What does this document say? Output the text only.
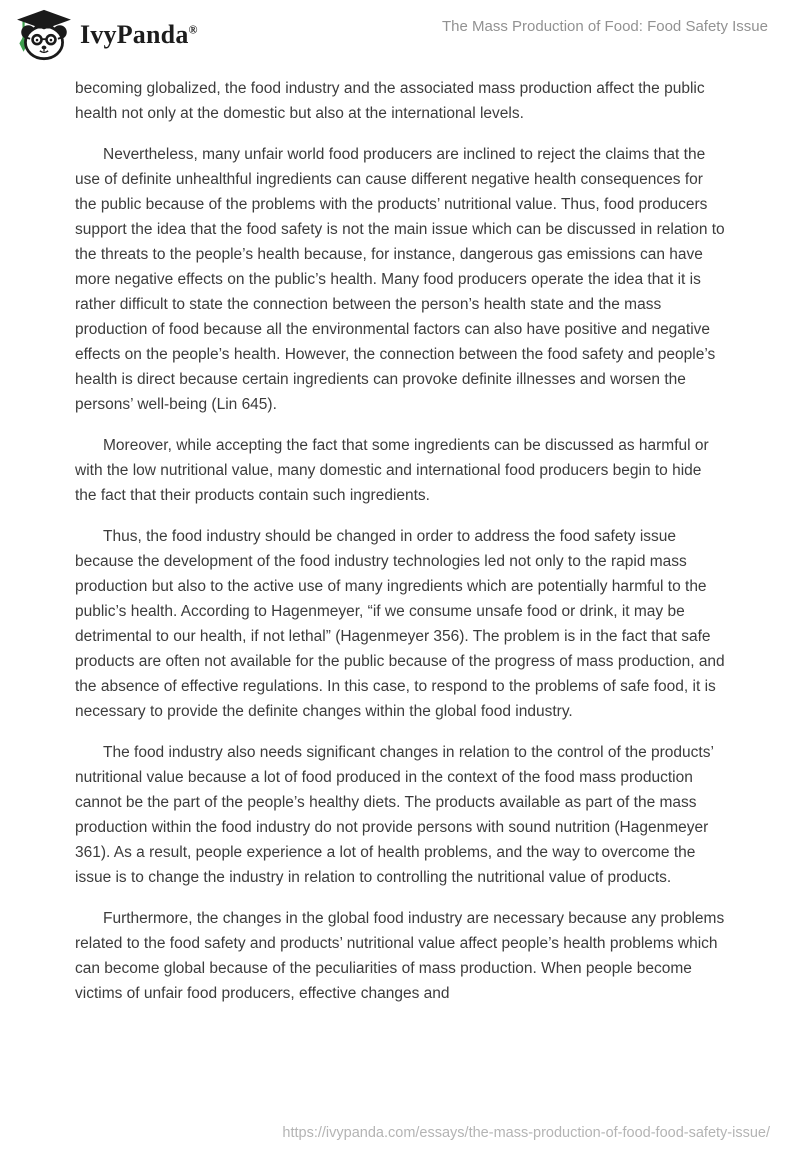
IvyPanda®	The Mass Production of Food: Food Safety Issue

becoming globalized, the food industry and the associated mass production affect the public health not only at the domestic but also at the international levels.

Nevertheless, many unfair world food producers are inclined to reject the claims that the use of definite unhealthful ingredients can cause different negative health consequences for the public because of the problems with the products’ nutritional value. Thus, food producers support the idea that the food safety is not the main issue which can be discussed in relation to the threats to the people’s health because, for instance, dangerous gas emissions can have more negative effects on the public’s health. Many food producers operate the idea that it is rather difficult to state the connection between the person’s health state and the mass production of food because all the environmental factors can also have positive and negative effects on the people’s health. However, the connection between the food safety and people’s health is direct because certain ingredients can provoke definite illnesses and worsen the persons’ well-being (Lin 645).

Moreover, while accepting the fact that some ingredients can be discussed as harmful or with the low nutritional value, many domestic and international food producers begin to hide the fact that their products contain such ingredients.

Thus, the food industry should be changed in order to address the food safety issue because the development of the food industry technologies led not only to the rapid mass production but also to the active use of many ingredients which are potentially harmful to the public’s health. According to Hagenmeyer, “if we consume unsafe food or drink, it may be detrimental to our health, if not lethal” (Hagenmeyer 356). The problem is in the fact that safe products are often not available for the public because of the progress of mass production, and the absence of effective regulations. In this case, to respond to the problems of safe food, it is necessary to provide the definite changes within the global food industry.

The food industry also needs significant changes in relation to the control of the products’ nutritional value because a lot of food produced in the context of the food mass production cannot be the part of the people’s healthy diets. The products available as part of the mass production within the food industry do not provide persons with sound nutrition (Hagenmeyer 361). As a result, people experience a lot of health problems, and the way to overcome the issue is to change the industry in relation to controlling the nutritional value of products.

Furthermore, the changes in the global food industry are necessary because any problems related to the food safety and products’ nutritional value affect people’s health problems which can become global because of the peculiarities of mass production. When people become victims of unfair food producers, effective changes and

https://ivypanda.com/essays/the-mass-production-of-food-food-safety-issue/
